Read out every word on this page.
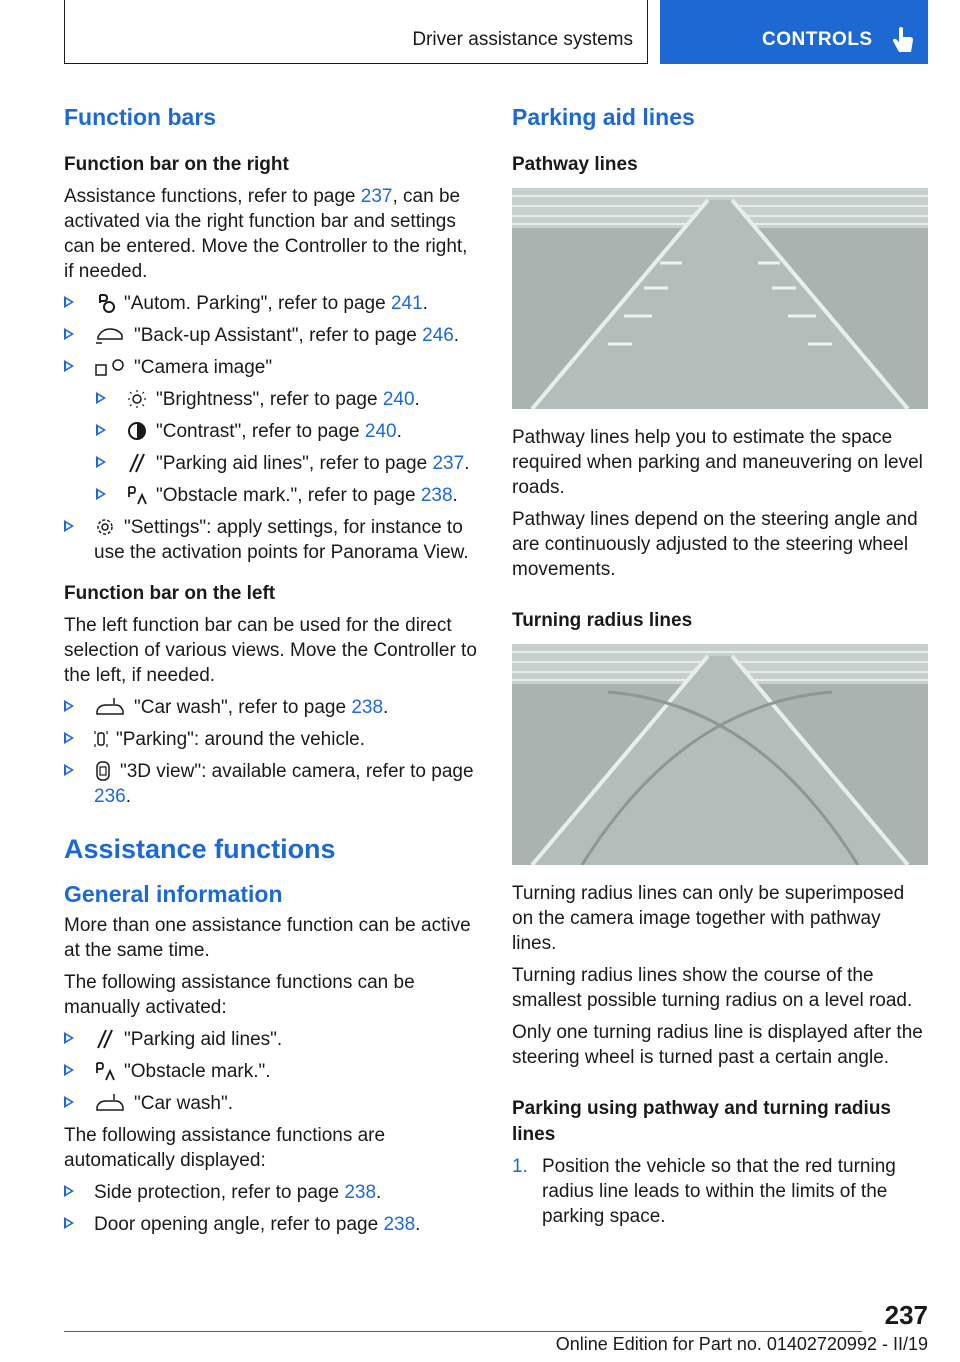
Driver assistance systems	CONTROLS
Function bars
Function bar on the right

Assistance functions, refer to page 237, can be activated via the right function bar and settings can be entered. Move the Controller to the right, if needed.

"Autom. Parking", refer to page 241.
"Back-up Assistant", refer to page 246.
"Camera image"
"Brightness", refer to page 240.
"Contrast", refer to page 240.
"Parking aid lines", refer to page 237.
"Obstacle mark.", refer to page 238.
"Settings": apply settings, for instance to use the activation points for Panorama View.
Function bar on the left

The left function bar can be used for the direct selection of various views. Move the Controller to the left, if needed.

"Car wash", refer to page 238.
"Parking": around the vehicle.
"3D view": available camera, refer to page 236.
Assistance functions
General information

More than one assistance function can be active at the same time.

The following assistance functions can be manually activated:

"Parking aid lines".
"Obstacle mark.".
"Car wash".

The following assistance functions are automatically displayed:

Side protection, refer to page 238.
Door opening angle, refer to page 238.
Parking aid lines
Pathway lines

Pathway lines help you to estimate the space required when parking and maneuvering on level roads.

Pathway lines depend on the steering angle and are continuously adjusted to the steering wheel movements.

Turning radius lines

Turning radius lines can only be superimposed on the camera image together with pathway lines.

Turning radius lines show the course of the smallest possible turning radius on a level road.

Only one turning radius line is displayed after the steering wheel is turned past a certain angle.

Parking using pathway and turning radius lines
1. Position the vehicle so that the red turning radius line leads to within the limits of the parking space.
237
Online Edition for Part no. 01402720992 - II/19
